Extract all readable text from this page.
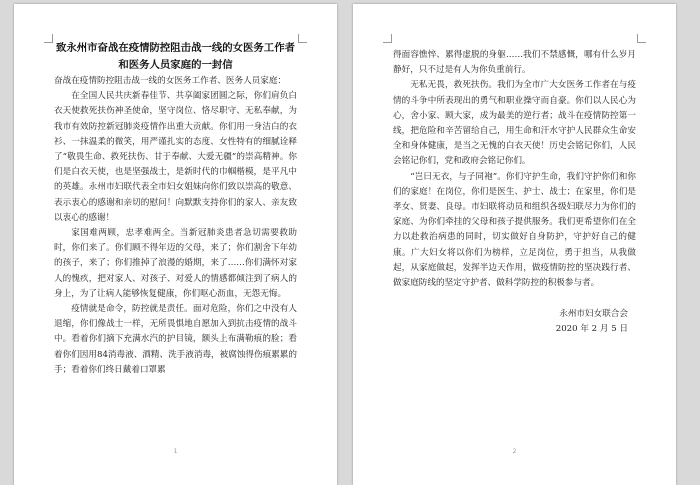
致永州市奋战在疫情防控阻击战一线的女医务工作者
和医务人员家庭的一封信

奋战在疫情防控阻击战一线的女医务工作者、医务人员家庭：

在全国人民共庆新春佳节、共享阖家团圆之际，你们肩负白衣天使救死扶伤神圣使命，坚守岗位、恪尽职守、无私奉献，为我市有效防控新冠肺炎疫情作出重大贡献。你们用一身洁白的衣衫、一抹温柔的微笑，用严谨扎实的态度、女性特有的细腻诠释了“敬畏生命、救死扶伤、甘于奉献、大爱无疆”的崇高精神。你们是白衣天使，也是坚强战士，是新时代的巾帼楷模，是平凡中的英雄。永州市妇联代表全市妇女姐妹向你们致以崇高的敬意、表示衷心的感谢和亲切的慰问！向默默支持你们的家人、亲友致以衷心的感谢！

家国难两顾，忠孝难两全。当新冠肺炎患者急切需要救助时，你们来了。你们顾不得年迈的父母，来了；你们割舍下年幼的孩子，来了；你们推掉了浪漫的婚期，来了……你们满怀对家人的愧疚，把对家人、对孩子、对爱人的情感都倾注到了病人的身上，为了让病人能够恢复健康，你们呕心沥血，无怨无悔。

疫情就是命令，防控就是责任。面对危险，你们之中没有人退缩，你们像战士一样，无所畏惧地自愿加入到抗击疫情的战斗中。看着你们摘下充满水汽的护目镜，额头上布满勒痕的脸；看着你们因用84消毒液、酒精、洗手液消毒，被腐蚀得伤痕累累的手；看着你们终日戴着口罩累

1

得面容憔悴、累得虚脱的身躯……我们不禁感慨，哪有什么岁月静好，只不过是有人为你负重前行。

无私无畏，救死扶伤。我们为全市广大女医务工作者在与疫情的斗争中所表现出的勇气和职业操守而自豪。你们以人民心为心，舍小家、顾大家，成为最美的逆行者；战斗在疫情防控第一线，把危险和辛苦留给自己，用生命和汗水守护人民群众生命安全和身体健康，是当之无愧的白衣天使！历史会铭记你们，人民会铭记你们，党和政府会铭记你们。

“岂曰无衣，与子同袍”。你们守护生命，我们守护你们和你们的家庭！在岗位，你们是医生、护士、战士；在家里，你们是孝女、贤妻、良母。市妇联将动员和组织各级妇联尽力为你们的家庭、为你们牵挂的父母和孩子提供服务。我们更希望你们在全力以赴救治病患的同时，切实做好自身防护，守护好自己的健康。广大妇女将以你们为榜样，立足岗位，勇于担当，从我做起，从家庭做起，发挥半边天作用，做疫情防控的坚决践行者、做家庭防线的坚定守护者、做科学防控的积极参与者。

永州市妇女联合会

2020 年 2 月 5 日

2
